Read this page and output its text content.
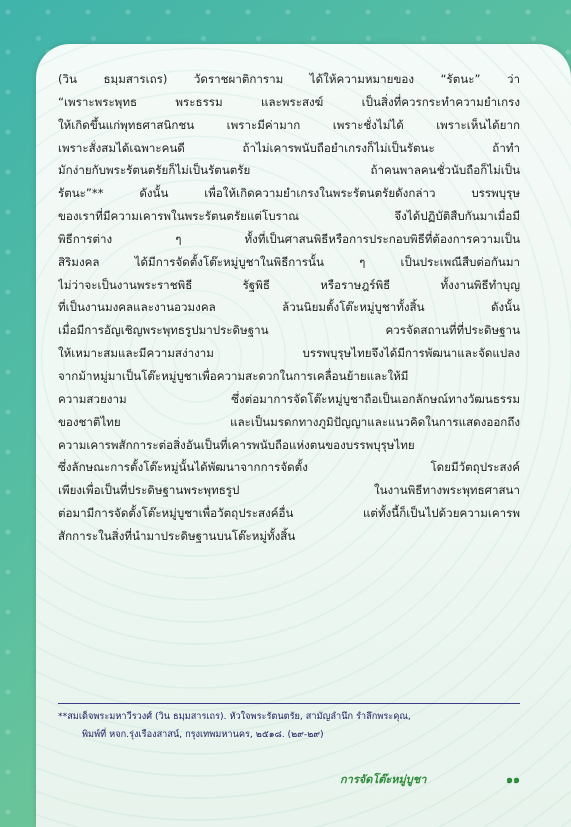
(วิน ธมฺมสารเถร) วัดราชผาติการาม ได้ให้ความหมายของ “รัตนะ” ว่า
“เพราะพระพุทธ พระธรรม และพระสงฆ์ เป็นสิ่งที่ควรกระทำความยำเกรง
ให้เกิดขึ้นแก่พุทธศาสนิกชน เพราะมีค่ามาก เพราะชั่งไม่ได้ เพราะเห็นได้ยาก
เพราะสั่งสมได้เฉพาะคนดี ถ้าไม่เคารพนับถือยำเกรงก็ไม่เป็นรัตนะ ถ้าทำ
มักง่ายกับพระรัตนตรัยก็ไม่เป็นรัตนตรัย ถ้าคนพาลคนชั่วนับถือก็ไม่เป็น
รัตนะ”** ดังนั้น เพื่อให้เกิดความยำเกรงในพระรัตนตรัยดังกล่าว บรรพบุรุษ
ของเราที่มีความเคารพในพระรัตนตรัยแต่โบราณ จึงได้ปฏิบัติสืบกันมาเมื่อมี
พิธีการต่าง ๆ ทั้งที่เป็นศาสนพิธีหรือการประกอบพิธีที่ต้องการความเป็น
สิริมงคล ได้มีการจัดตั้งโต๊ะหมู่บูชาในพิธีการนั้น ๆ เป็นประเพณีสืบต่อกันมา
ไม่ว่าจะเป็นงานพระราชพิธี รัฐพิธี หรือราษฎร์พิธี ทั้งงานพิธีทำบุญ
ที่เป็นงานมงคลและงานอวมงคล ล้วนนิยมตั้งโต๊ะหมู่บูชาทั้งสิ้น ดังนั้น
เมื่อมีการอัญเชิญพระพุทธรูปมาประดิษฐาน ควรจัดสถานที่ที่ประดิษฐาน
ให้เหมาะสมและมีความสง่างาม บรรพบุรุษไทยจึงได้มีการพัฒนาและจัดแปลง
จากม้าหมู่มาเป็นโต๊ะหมู่บูชาเพื่อความสะดวกในการเคลื่อนย้ายและให้มี
ความสวยงาม ซึ่งต่อมาการจัดโต๊ะหมู่บูชาถือเป็นเอกลักษณ์ทางวัฒนธรรม
ของชาติไทย และเป็นมรดกทางภูมิปัญญาและแนวคิดในการแสดงออกถึง
ความเคารพสักการะต่อสิ่งอันเป็นที่เคารพนับถือแห่งตนของบรรพบุรุษไทย
ซึ่งลักษณะการตั้งโต๊ะหมู่นั้นได้พัฒนาจากการจัดตั้ง โดยมีวัตถุประสงค์
เพียงเพื่อเป็นที่ประดิษฐานพระพุทธรูป ในงานพิธีทางพระพุทธศาสนา
ต่อมามีการจัดตั้งโต๊ะหมู่บูชาเพื่อวัตถุประสงค์อื่น แต่ทั้งนี้ก็เป็นไปด้วยความเคารพ
สักการะในสิ่งที่นำมาประดิษฐานบนโต๊ะหมู่ทั้งสิ้น
**สมเด็จพระมหาวีรวงศ์ (วิน ธมฺมสารเถร). หัวใจพระรัตนตรัย, สามัญลำนึก รำลึกพระคุณ,
พิมพ์ที่ หจก.รุ่งเรืองสาสน์, กรุงเทพมหานคร, ๒๕๑๘. (๒๙-๒๙)
การจัดโต๊ะหมู่บูชา	๑๑
